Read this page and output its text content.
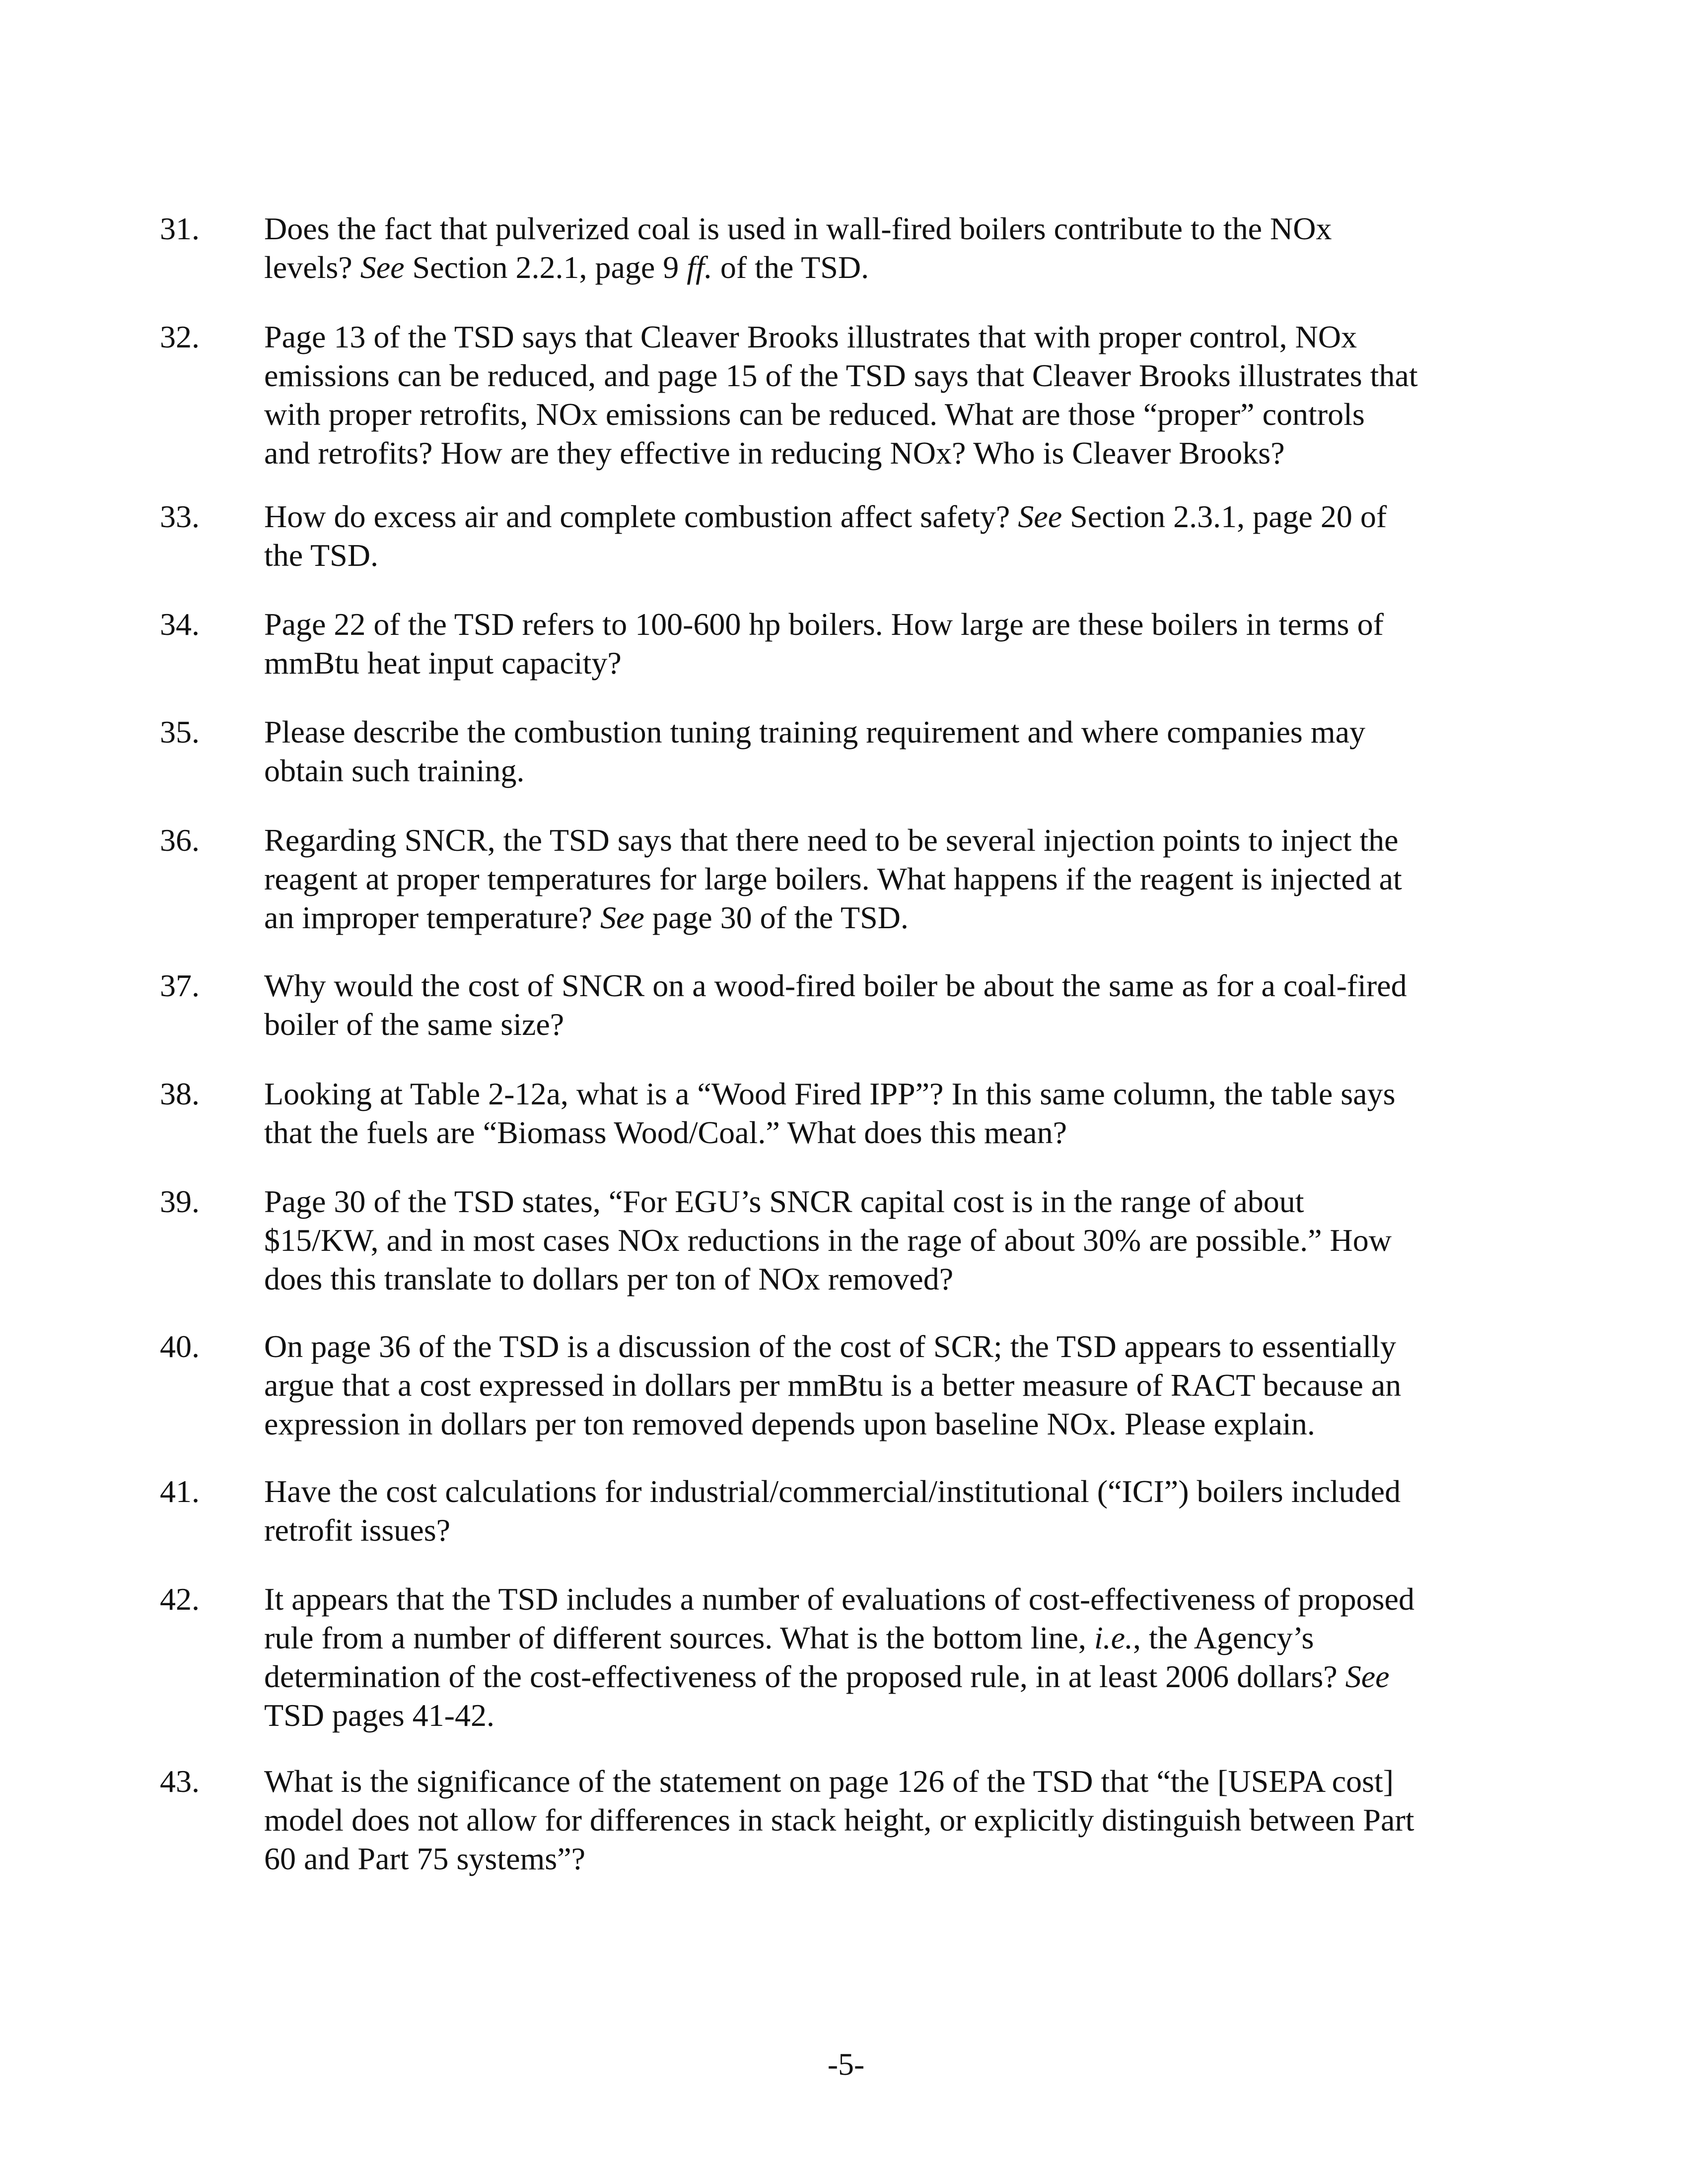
31.	Does the fact that pulverized coal is used in wall-fired boilers contribute to the NOx
levels? See Section 2.2.1, page 9 ff. of the TSD.
32.	Page 13 of the TSD says that Cleaver Brooks illustrates that with proper control, NOx
emissions can be reduced, and page 15 of the TSD says that Cleaver Brooks illustrates that
with proper retrofits, NOx emissions can be reduced. What are those “proper” controls
and retrofits? How are they effective in reducing NOx? Who is Cleaver Brooks?
33.	How do excess air and complete combustion affect safety? See Section 2.3.1, page 20 of
the TSD.
34.	Page 22 of the TSD refers to 100-600 hp boilers. How large are these boilers in terms of
mmBtu heat input capacity?
35.	Please describe the combustion tuning training requirement and where companies may
obtain such training.
36.	Regarding SNCR, the TSD says that there need to be several injection points to inject the
reagent at proper temperatures for large boilers. What happens if the reagent is injected at
an improper temperature? See page 30 of the TSD.
37.	Why would the cost of SNCR on a wood-fired boiler be about the same as for a coal-fired
boiler of the same size?
38.	Looking at Table 2-12a, what is a “Wood Fired IPP”? In this same column, the table says
that the fuels are “Biomass Wood/Coal.” What does this mean?
39.	Page 30 of the TSD states, “For EGU’s SNCR capital cost is in the range of about
$15/KW, and in most cases NOx reductions in the rage of about 30% are possible.” How
does this translate to dollars per ton of NOx removed?
40.	On page 36 of the TSD is a discussion of the cost of SCR; the TSD appears to essentially
argue that a cost expressed in dollars per mmBtu is a better measure of RACT because an
expression in dollars per ton removed depends upon baseline NOx. Please explain.
41.	Have the cost calculations for industrial/commercial/institutional (“ICI”) boilers included
retrofit issues?
42.	It appears that the TSD includes a number of evaluations of cost-effectiveness of proposed
rule from a number of different sources. What is the bottom line, i.e., the Agency’s
determination of the cost-effectiveness of the proposed rule, in at least 2006 dollars? See
TSD pages 41-42.
43.	What is the significance of the statement on page 126 of the TSD that “the [USEPA cost]
model does not allow for differences in stack height, or explicitly distinguish between Part
60 and Part 75 systems”?
-5-
